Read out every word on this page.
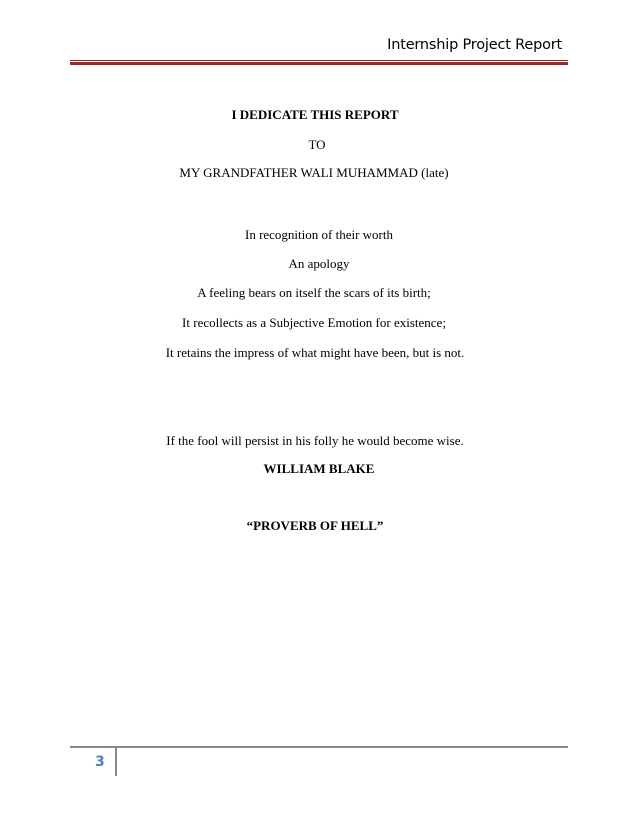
Internship Project Report
I DEDICATE THIS REPORT
TO
MY GRANDFATHER WALI MUHAMMAD (late)
In recognition of their worth
An apology
A feeling bears on itself the scars of its birth;
It recollects as a Subjective Emotion for existence;
It retains the impress of what might have been, but is not.
If the fool will persist in his folly he would become wise.
WILLIAM BLAKE
“PROVERB OF HELL”
3
